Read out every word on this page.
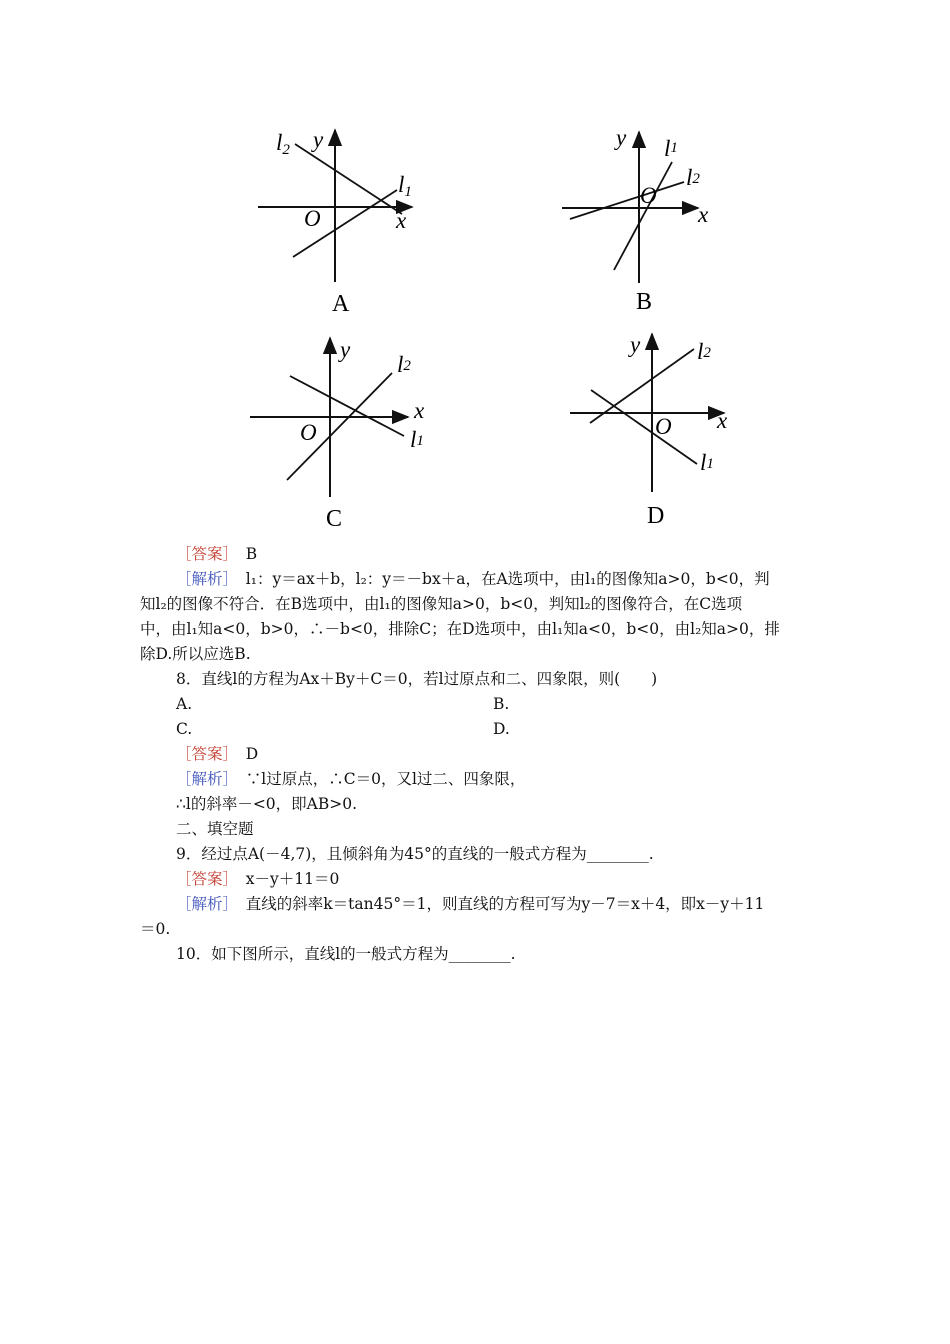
l2 y
l1
O	x
A
y l1
l2
O
x
B
y
l2
x
O	l1
C
y l2
O x
l1
D
［答案］　 B
［解析］　 l₁：y＝ax＋b，l₂：y＝－bx＋a，在A选项中，由l₁的图像知a>0，b<0，判
知l₂的图像不符合．在B选项中，由l₁的图像知a>0，b<0，判知l₂的图像符合，在C选项
中，由l₁知a<0，b>0，∴－b<0，排除C；在D选项中，由l₁知a<0，b<0，由l₂知a>0，排
除D.所以应选B.
8．直线l的方程为Ax＋By＋C＝0，若l过原点和二、四象限，则(　　)
A.	B.
C.	D.
［答案］　 D
［解析］　 ∵l过原点，∴C＝0，又l过二、四象限，
∴l的斜率－<0，即AB>0.
二、填空题
9．经过点A(－4,7)，且倾斜角为45°的直线的一般式方程为________.
［答案］　 x－y＋11＝0
［解析］　 直线的斜率k＝tan45°＝1，则直线的方程可写为y－7＝x＋4，即x－y＋11
＝0.
10．如下图所示，直线l的一般式方程为________.
